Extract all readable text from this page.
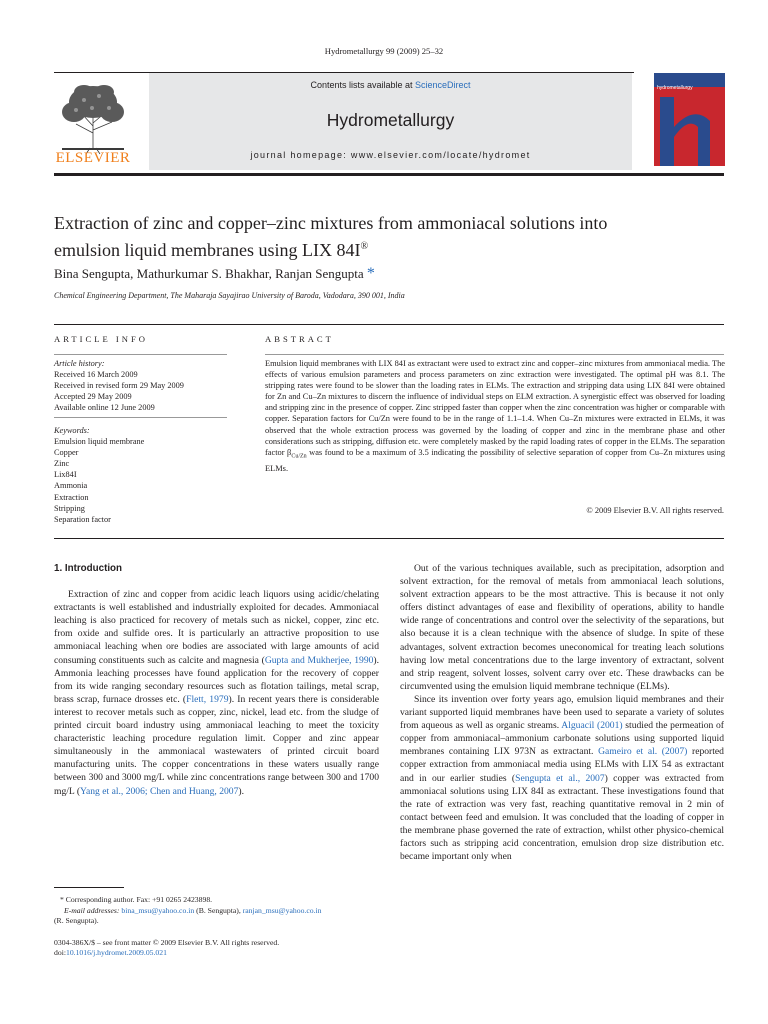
Hydrometallurgy 99 (2009) 25–32
ELSEVIER
Contents lists available at ScienceDirect
Hydrometallurgy
journal homepage: www.elsevier.com/locate/hydromet
hydrometallurgy
Extraction of zinc and copper–zinc mixtures from ammoniacal solutions into
emulsion liquid membranes using LIX 84I®
Bina Sengupta, Mathurkumar S. Bhakhar, Ranjan Sengupta *
Chemical Engineering Department, The Maharaja Sayajirao University of Baroda, Vadodara, 390 001, India
ARTICLE INFO
Article history:
Received 16 March 2009
Received in revised form 29 May 2009
Accepted 29 May 2009
Available online 12 June 2009
Keywords:
Emulsion liquid membrane
Copper
Zinc
Lix84I
Ammonia
Extraction
Stripping
Separation factor
ABSTRACT
Emulsion liquid membranes with LIX 84I as extractant were used to extract zinc and copper–zinc mixtures from ammoniacal media. The effects of various emulsion parameters and process parameters on zinc extraction were investigated. The optimal pH was 8.1. The stripping rates were found to be slower than the loading rates in ELMs. The extraction and stripping data using LIX 84I were obtained for Zn and Cu–Zn mixtures to discern the influence of individual steps on ELM extraction. A synergistic effect was observed for loading and stripping zinc in the presence of copper. Zinc stripped faster than copper when the zinc concentration was higher or comparable with copper. Separation factors for Cu/Zn were found to be in the range of 1.1–1.4. When Cu–Zn mixtures were extracted in ELMs, it was observed that the whole extraction process was governed by the loading of copper and zinc in the membrane phase and other considerations such as stripping, diffusion etc. were completely masked by the rapid loading rates of copper in the ELMs. The separation factor $\beta_{Cu/Zn}$ was found to be a maximum of 3.5 indicating the possibility of selective separation of copper from Cu–Zn mixtures using ELMs.
© 2009 Elsevier B.V. All rights reserved.
1. Introduction

Extraction of zinc and copper from acidic leach liquors using acidic/chelating extractants is well established and industrially exploited for decades. Ammoniacal leaching is also practiced for recovery of metals such as nickel, copper, zinc etc. from oxide and sulfide ores. It is particularly an attractive proposition to use ammoniacal leaching when ore bodies are associated with large amounts of acid consuming constituents such as calcite and magnesia (Gupta and Mukherjee, 1990). Ammonia leaching processes have found application for the recovery of copper from its wide ranging secondary resources such as flotation tailings, metal scrap, brass scrap, furnace drosses etc. (Flett, 1979). In recent years there is considerable interest to recover metals such as copper, zinc, nickel, lead etc. from the sludge of printed circuit board industry using ammoniacal leaching to meet the toxicity characteristic leaching procedure regulation limit. Copper and zinc appear simultaneously in the ammoniacal wastewaters of printed circuit board manufacturing units. The copper concentrations in these waters usually range between 300 and 3000 mg/L while zinc concentrations range between 300 and 1700 mg/L (Yang et al., 2006; Chen and Huang, 2007).

* Corresponding author. Fax: +91 0265 2423898.
E-mail addresses: bina_msu@yahoo.co.in (B. Sengupta), ranjan_msu@yahoo.co.in
(R. Sengupta).
0304-386X/$ – see front matter © 2009 Elsevier B.V. All rights reserved.
doi:10.1016/j.hydromet.2009.05.021

Out of the various techniques available, such as precipitation, adsorption and solvent extraction, for the removal of metals from ammoniacal leach solutions, solvent extraction appears to be the most attractive. This is because it not only offers distinct advantages of ease and flexibility of operations, ability to handle wide range of concentrations and control over the selectivity of the separations, but also because it is a clean technique with the absence of sludge. In spite of these advantages, solvent extraction becomes uneconomical for treating leach solutions having low metal concentrations due to the large inventory of extractant, solvent and strip reagent, solvent losses, solvent carry over etc. These drawbacks can be circumvented using the emulsion liquid membrane technique (ELMs).

Since its invention over forty years ago, emulsion liquid membranes and their variant supported liquid membranes have been used to separate a variety of solutes from aqueous as well as organic streams. Alguacil (2001) studied the permeation of copper from ammoniacal–ammonium carbonate solutions using supported liquid membranes containing LIX 973N as extractant. Gameiro et al. (2007) reported copper extraction from ammoniacal media using ELMs with LIX 54 as extractant and in our earlier studies (Sengupta et al., 2007) copper was extracted from ammoniacal solutions using LIX 84I as extractant. These investigations found that the rate of extraction was very fast, reaching quantitative removal in 2 min of contact between feed and emulsion. It was concluded that the loading of copper in the membrane phase governed the rate of extraction, whilst other physico-chemical factors such as stripping acid concentration, emulsion drop size distribution etc. became important only when
